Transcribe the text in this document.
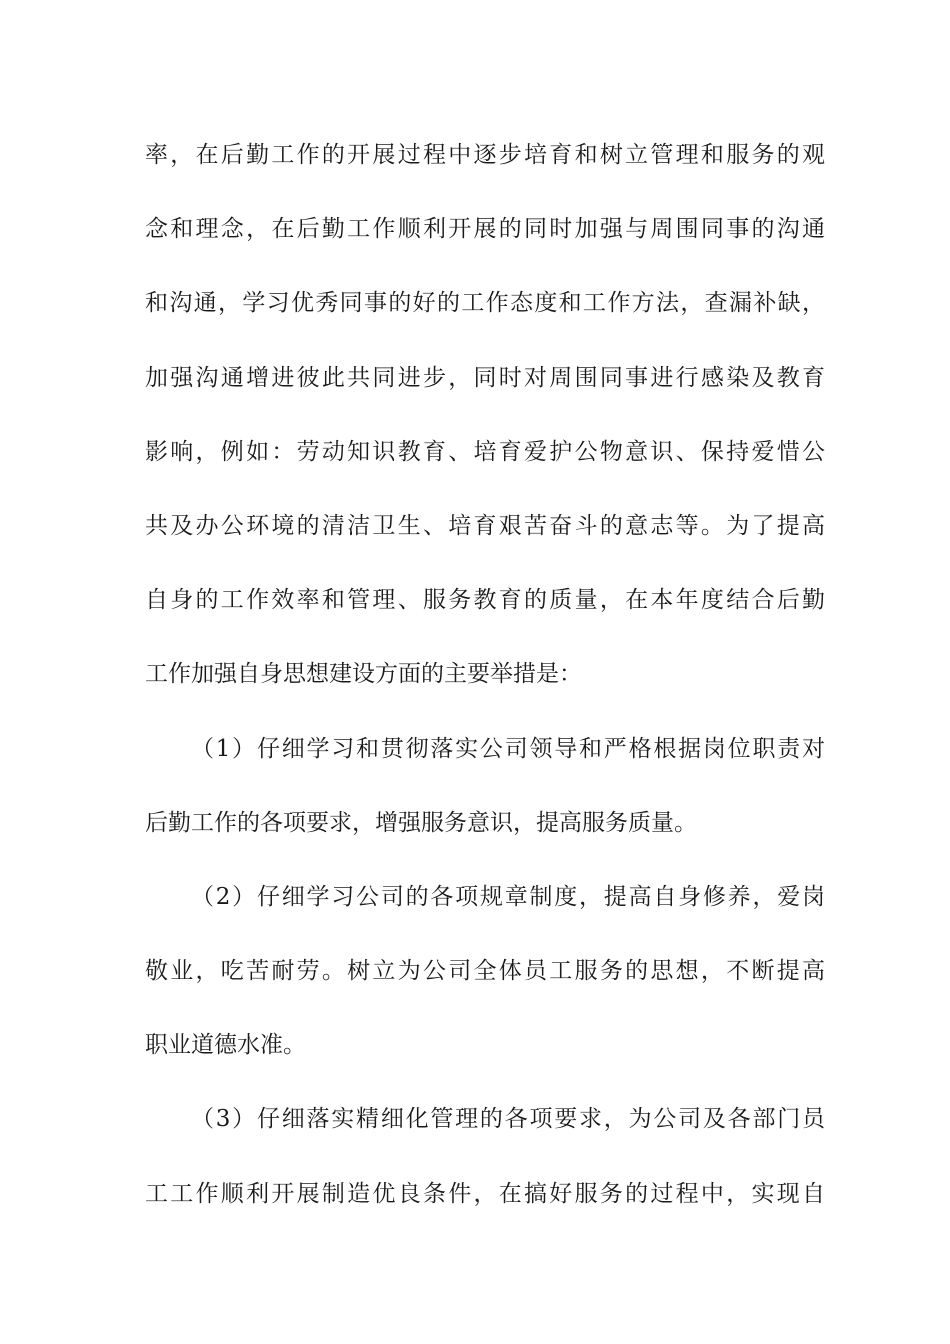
率，在后勤工作的开展过程中逐步培育和树立管理和服务的观
念和理念，在后勤工作顺利开展的同时加强与周围同事的沟通
和沟通，学习优秀同事的好的工作态度和工作方法，查漏补缺，
加强沟通增进彼此共同进步，同时对周围同事进行感染及教育
影响，例如：劳动知识教育、培育爱护公物意识、保持爱惜公
共及办公环境的清洁卫生、培育艰苦奋斗的意志等。为了提高
自身的工作效率和管理、服务教育的质量，在本年度结合后勤
工作加强自身思想建设方面的主要举措是：
（1）仔细学习和贯彻落实公司领导和严格根据岗位职责对
后勤工作的各项要求，增强服务意识，提高服务质量。
（2）仔细学习公司的各项规章制度，提高自身修养，爱岗
敬业，吃苦耐劳。树立为公司全体员工服务的思想，不断提高
职业道德水准。
（3）仔细落实精细化管理的各项要求，为公司及各部门员
工工作顺利开展制造优良条件，在搞好服务的过程中，实现自
